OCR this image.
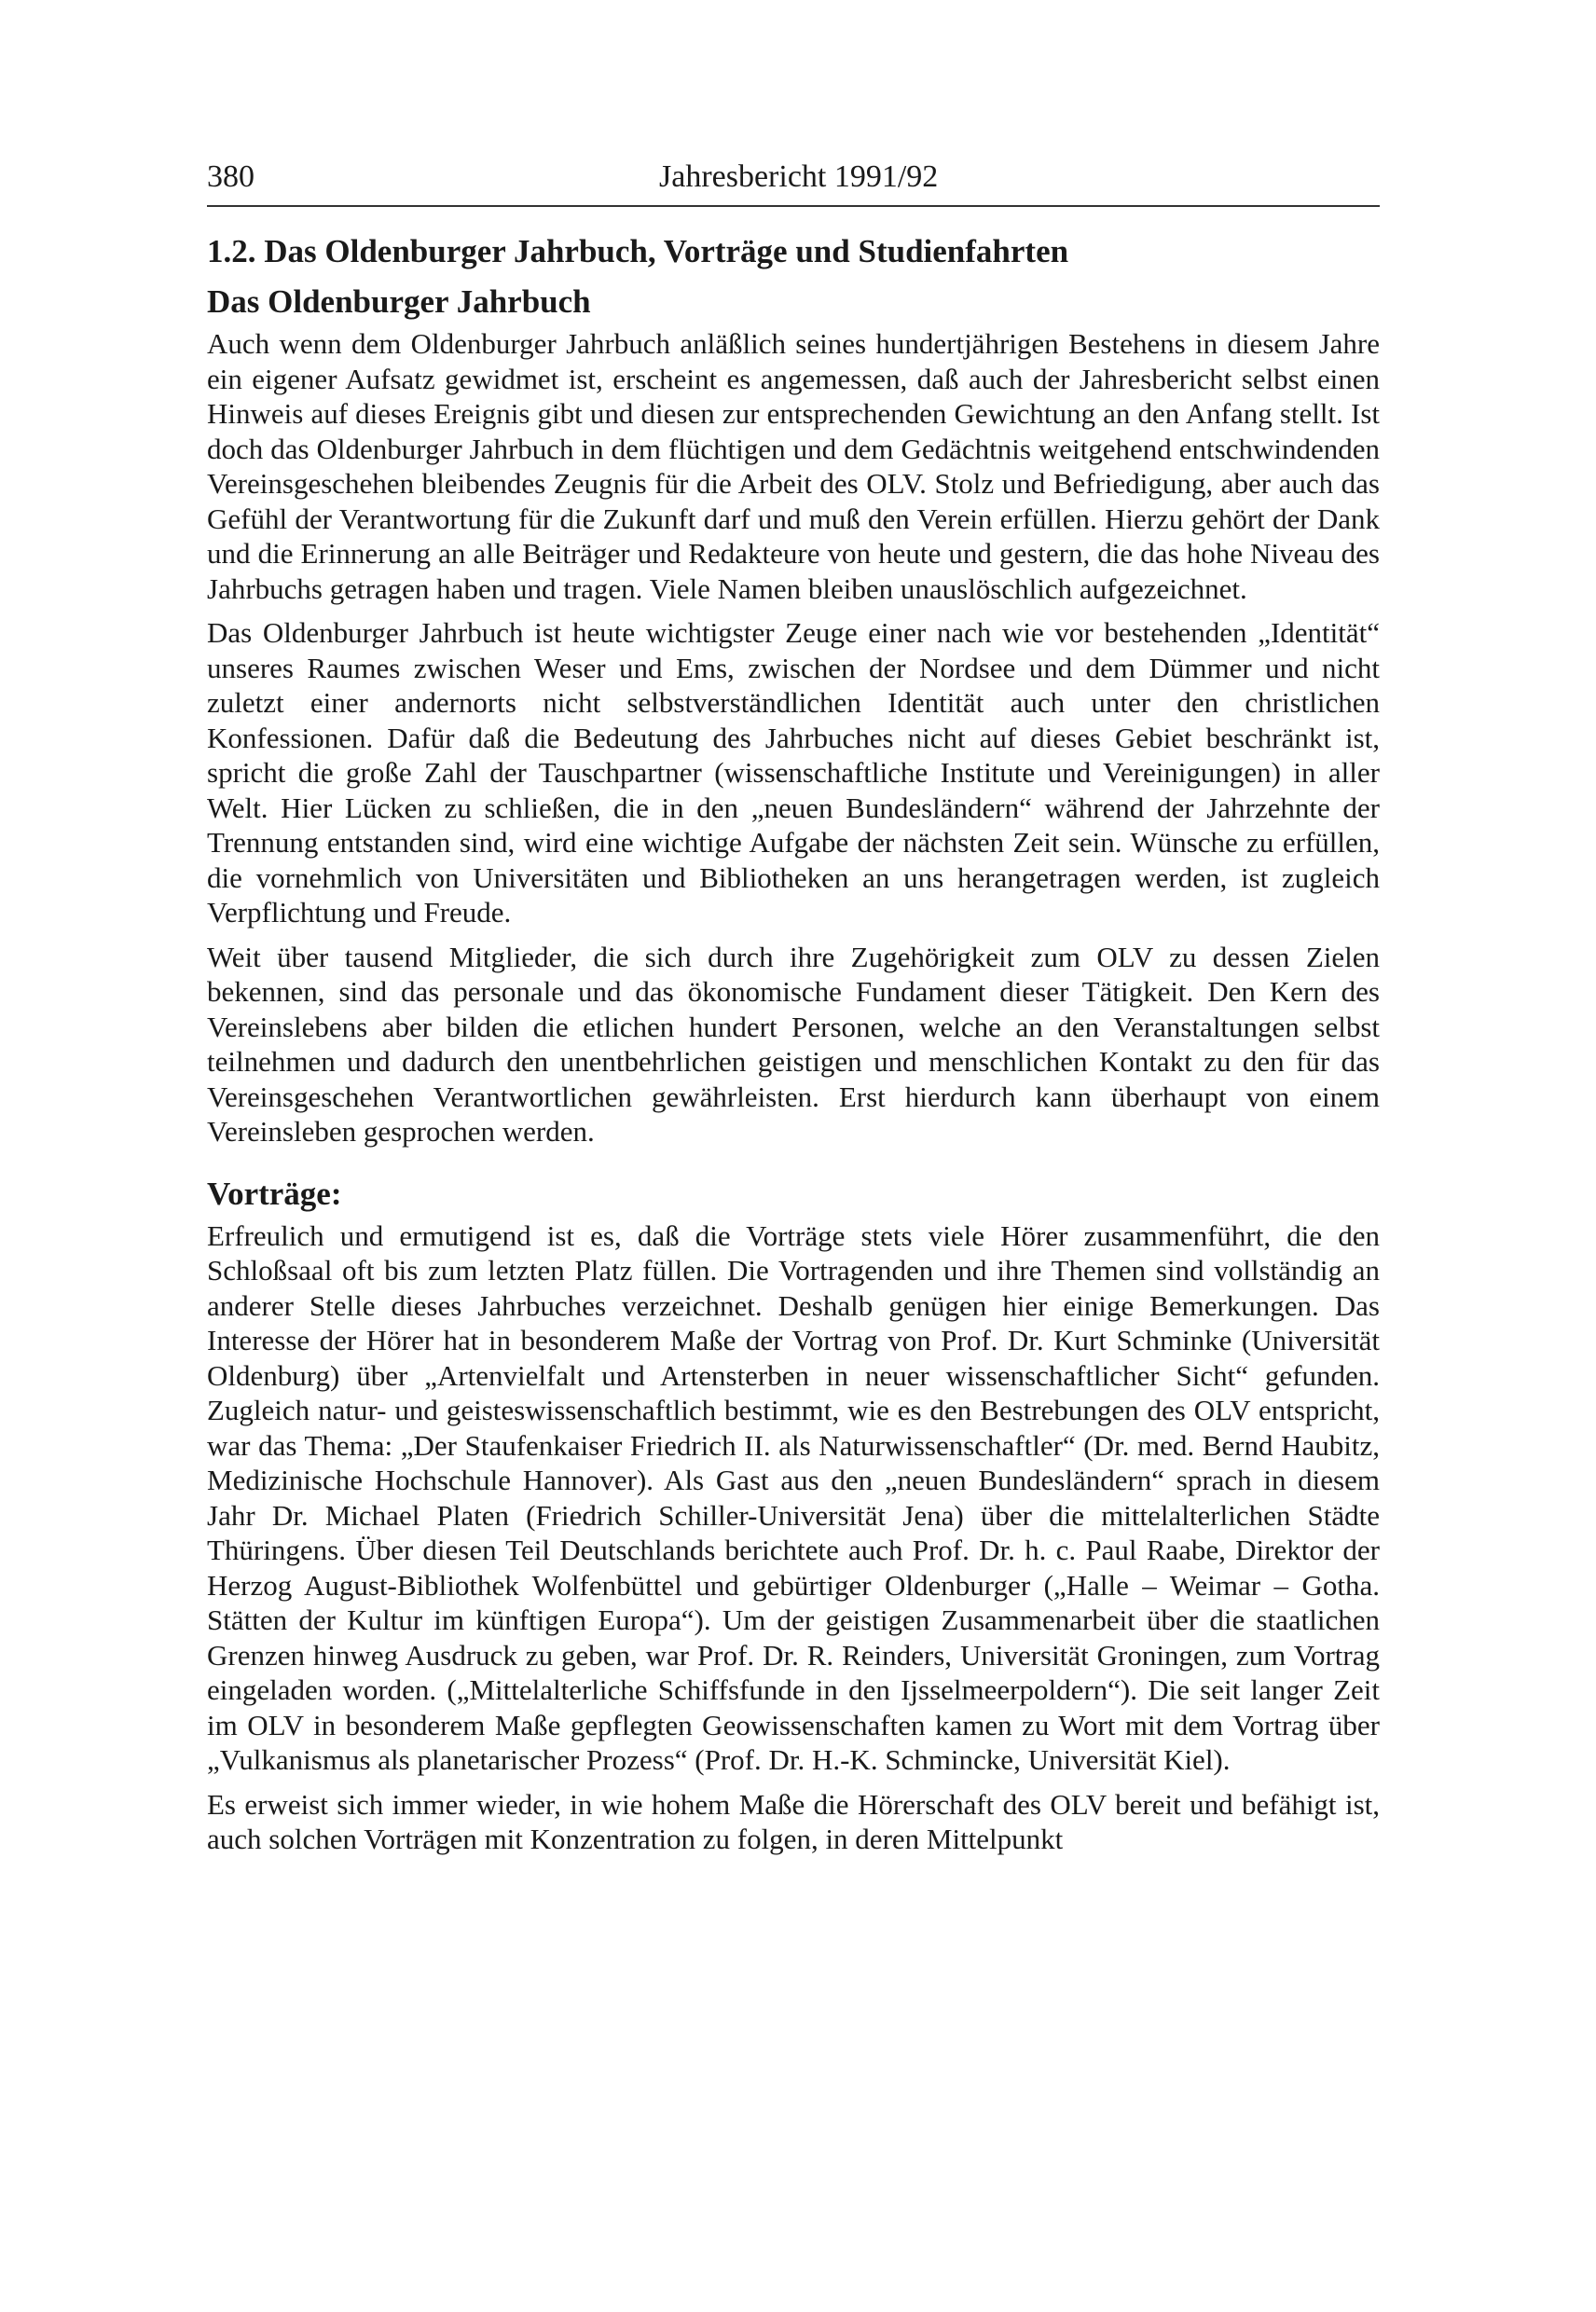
380	Jahresbericht 1991/92
1.2. Das Oldenburger Jahrbuch, Vorträge und Studienfahrten
Das Oldenburger Jahrbuch

Auch wenn dem Oldenburger Jahrbuch anläßlich seines hundertjährigen Bestehens in diesem Jahre ein eigener Aufsatz gewidmet ist, erscheint es angemessen, daß auch der Jahresbericht selbst einen Hinweis auf dieses Ereignis gibt und diesen zur entsprechenden Gewichtung an den Anfang stellt. Ist doch das Oldenburger Jahrbuch in dem flüchtigen und dem Gedächtnis weitgehend entschwindenden Vereinsgeschehen bleibendes Zeugnis für die Arbeit des OLV. Stolz und Befriedigung, aber auch das Gefühl der Verantwortung für die Zukunft darf und muß den Verein erfüllen. Hierzu gehört der Dank und die Erinnerung an alle Beiträger und Redakteure von heute und gestern, die das hohe Niveau des Jahrbuchs getragen haben und tragen. Viele Namen bleiben unauslöschlich aufgezeichnet.

Das Oldenburger Jahrbuch ist heute wichtigster Zeuge einer nach wie vor bestehenden „Identität“ unseres Raumes zwischen Weser und Ems, zwischen der Nordsee und dem Dümmer und nicht zuletzt einer andernorts nicht selbstverständlichen Identität auch unter den christlichen Konfessionen. Dafür daß die Bedeutung des Jahrbuches nicht auf dieses Gebiet beschränkt ist, spricht die große Zahl der Tauschpartner (wissenschaftliche Institute und Vereinigungen) in aller Welt. Hier Lücken zu schließen, die in den „neuen Bundesländern“ während der Jahrzehnte der Trennung entstanden sind, wird eine wichtige Aufgabe der nächsten Zeit sein. Wünsche zu erfüllen, die vornehmlich von Universitäten und Bibliotheken an uns herangetragen werden, ist zugleich Verpflichtung und Freude.

Weit über tausend Mitglieder, die sich durch ihre Zugehörigkeit zum OLV zu dessen Zielen bekennen, sind das personale und das ökonomische Fundament dieser Tätigkeit. Den Kern des Vereinslebens aber bilden die etlichen hundert Personen, welche an den Veranstaltungen selbst teilnehmen und dadurch den unentbehrlichen geistigen und menschlichen Kontakt zu den für das Vereinsgeschehen Verantwortlichen gewährleisten. Erst hierdurch kann überhaupt von einem Vereinsleben gesprochen werden.

Vorträge:

Erfreulich und ermutigend ist es, daß die Vorträge stets viele Hörer zusammenführt, die den Schloßsaal oft bis zum letzten Platz füllen. Die Vortragenden und ihre Themen sind vollständig an anderer Stelle dieses Jahrbuches verzeichnet. Deshalb genügen hier einige Bemerkungen. Das Interesse der Hörer hat in besonderem Maße der Vortrag von Prof. Dr. Kurt Schminke (Universität Oldenburg) über „Artenvielfalt und Artensterben in neuer wissenschaftlicher Sicht“ gefunden. Zugleich natur- und geisteswissenschaftlich bestimmt, wie es den Bestrebungen des OLV entspricht, war das Thema: „Der Staufenkaiser Friedrich II. als Naturwissenschaftler“ (Dr. med. Bernd Haubitz, Medizinische Hochschule Hannover). Als Gast aus den „neuen Bundesländern“ sprach in diesem Jahr Dr. Michael Platen (Friedrich Schiller-Universität Jena) über die mittelalterlichen Städte Thüringens. Über diesen Teil Deutschlands berichtete auch Prof. Dr. h. c. Paul Raabe, Direktor der Herzog August-Bibliothek Wolfenbüttel und gebürtiger Oldenburger („Halle – Weimar – Gotha. Stätten der Kultur im künftigen Europa“). Um der geistigen Zusammenarbeit über die staatlichen Grenzen hinweg Ausdruck zu geben, war Prof. Dr. R. Reinders, Universität Groningen, zum Vortrag eingeladen worden. („Mittelalterliche Schiffsfunde in den Ijsselmeerpoldern“). Die seit langer Zeit im OLV in besonderem Maße gepflegten Geowissenschaften kamen zu Wort mit dem Vortrag über „Vulkanismus als planetarischer Prozess“ (Prof. Dr. H.-K. Schmincke, Universität Kiel).

Es erweist sich immer wieder, in wie hohem Maße die Hörerschaft des OLV bereit und befähigt ist, auch solchen Vorträgen mit Konzentration zu folgen, in deren Mittelpunkt
